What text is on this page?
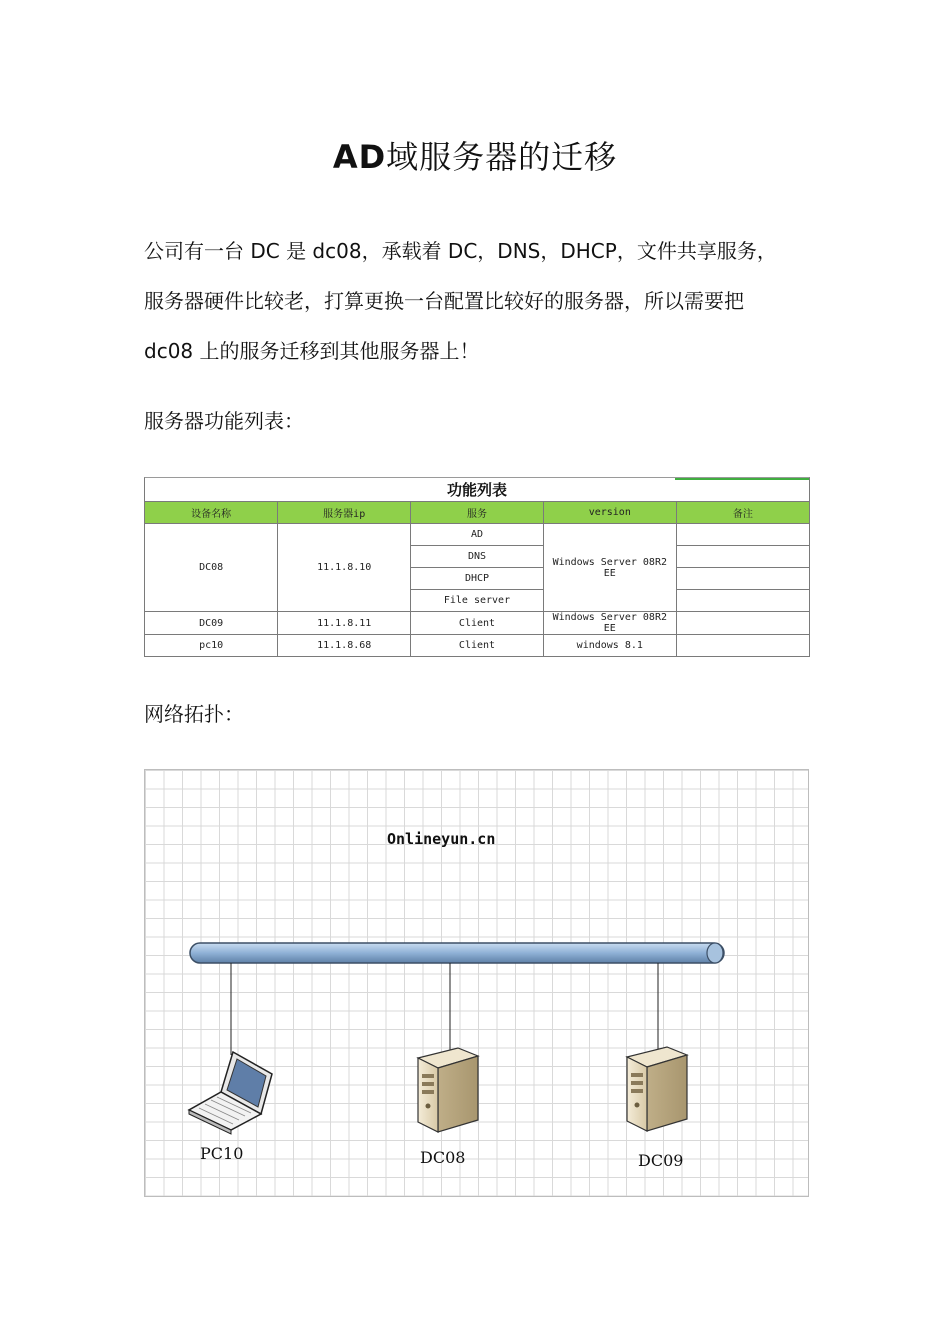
AD域服务器的迁移
公司有一台 DC 是 dc08，承载着 DC，DNS，DHCP，文件共享服务，
服务器硬件比较老，打算更换一台配置比较好的服务器，所以需要把
dc08 上的服务迁移到其他服务器上！
服务器功能列表：
功能列表
设备名称	服务器ip	服务	version	备注
DC08	11.1.8.10	AD	Windows Server 08R2 EE	
		DNS		
		DHCP		
		File server		
DC09	11.1.8.11	Client	Windows Server 08R2 EE	
pc10	11.1.8.68	Client	windows 8.1	
网络拓扑：
Onlineyun.cn
PC10	DC08	DC09
